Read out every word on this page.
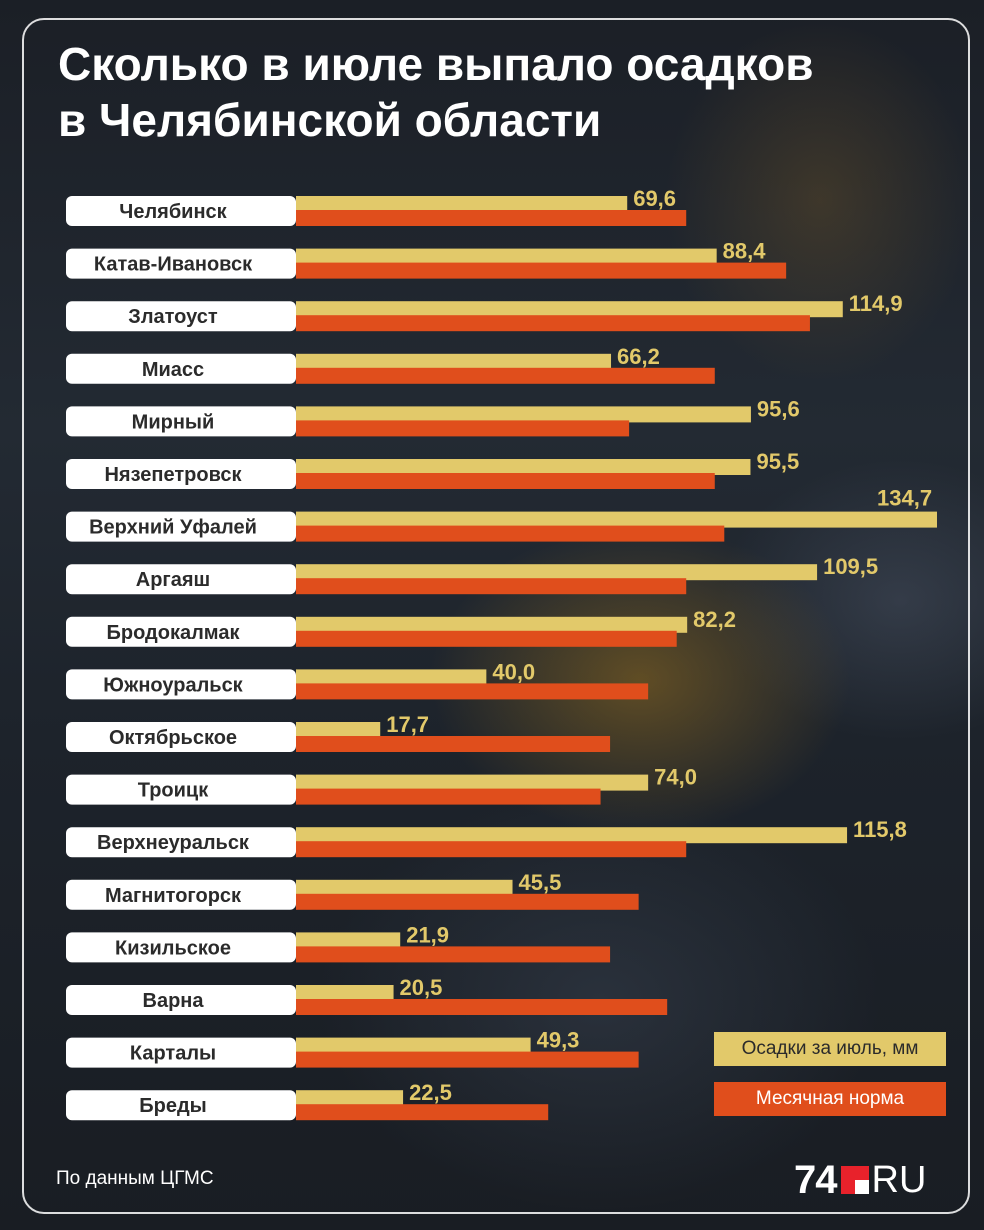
Сколько в июле выпало осадков
в Челябинской области
Челябинск
69,6
Катав-Ивановск
88,4
Златоуст
114,9
Миасс
66,2
Мирный
95,6
Нязепетровск
95,5
Верхний Уфалей
134,7
Аргаяш
109,5
Бродокалмак
82,2
Южноуральск
40,0
Октябрьское
17,7
Троицк
74,0
Верхнеуральск
115,8
Магнитогорск
45,5
Кизильское
21,9
Варна
20,5
Карталы
49,3
Бреды
22,5
Осадки за июль, мм
Месячная норма
По данным ЦГМС	74 RU
